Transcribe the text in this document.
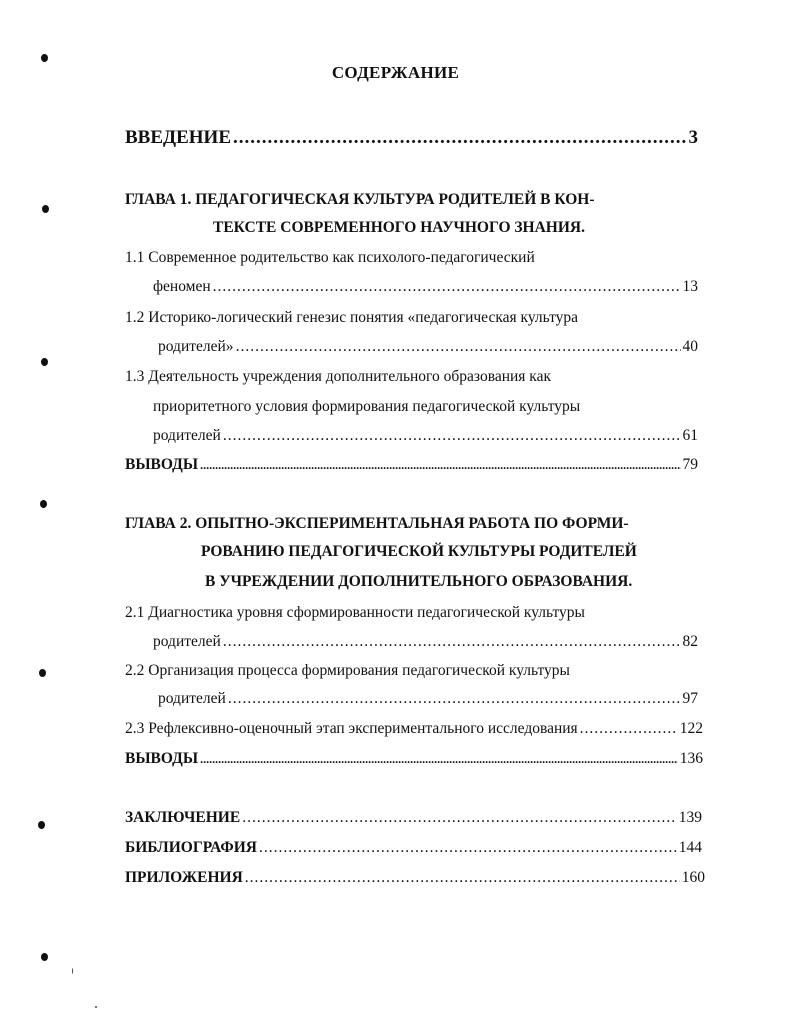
СОДЕРЖАНИЕ
ВВЕДЕНИЕ .....	3
ГЛАВА 1. ПЕДАГОГИЧЕСКАЯ КУЛЬТУРА РОДИТЕЛЕЙ В КОН-
ТЕКСТЕ СОВРЕМЕННОГО НАУЧНОГО ЗНАНИЯ.
1.1 Современное родительство как психолого-педагогический
феномен .....	13
1.2 Историко-логический генезис понятия «педагогическая культура
родителей» .....	40
1.3 Деятельность учреждения дополнительного образования как
приоритетного условия формирования педагогической культуры
родителей .....	61
ВЫВОДЫ .....	79
ГЛАВА 2. ОПЫТНО-ЭКСПЕРИМЕНТАЛЬНАЯ РАБОТА ПО ФОРМИ-
РОВАНИЮ ПЕДАГОГИЧЕСКОЙ КУЛЬТУРЫ РОДИТЕЛЕЙ
В УЧРЕЖДЕНИИ ДОПОЛНИТЕЛЬНОГО ОБРАЗОВАНИЯ.
2.1 Диагностика уровня сформированности педагогической культуры
родителей .....	82
2.2 Организация процесса формирования педагогической культуры
родителей .....	97
2.3 Рефлексивно-оценочный этап экспериментального исследования .....	122
ВЫВОДЫ .....	136
ЗАКЛЮЧЕНИЕ .....	139
БИБЛИОГРАФИЯ .....	144
ПРИЛОЖЕНИЯ .....	160
